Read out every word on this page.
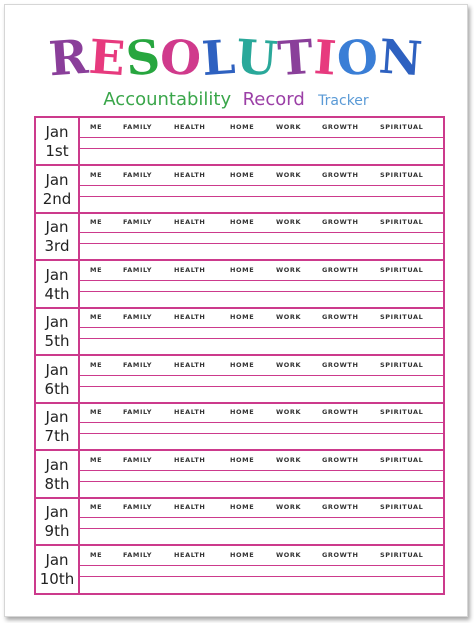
RESOLUTION
Accountability Record Tracker
Jan
1st
ME	FAMILY	HEALTH	HOME	WORK	GROWTH	SPIRITUAL
Jan
2nd
ME	FAMILY	HEALTH	HOME	WORK	GROWTH	SPIRITUAL
Jan
3rd
ME	FAMILY	HEALTH	HOME	WORK	GROWTH	SPIRITUAL
Jan
4th
ME	FAMILY	HEALTH	HOME	WORK	GROWTH	SPIRITUAL
Jan
5th
ME	FAMILY	HEALTH	HOME	WORK	GROWTH	SPIRITUAL
Jan
6th
ME	FAMILY	HEALTH	HOME	WORK	GROWTH	SPIRITUAL
Jan
7th
ME	FAMILY	HEALTH	HOME	WORK	GROWTH	SPIRITUAL
Jan
8th
ME	FAMILY	HEALTH	HOME	WORK	GROWTH	SPIRITUAL
Jan
9th
ME	FAMILY	HEALTH	HOME	WORK	GROWTH	SPIRITUAL
Jan
10th
ME	FAMILY	HEALTH	HOME	WORK	GROWTH	SPIRITUAL
